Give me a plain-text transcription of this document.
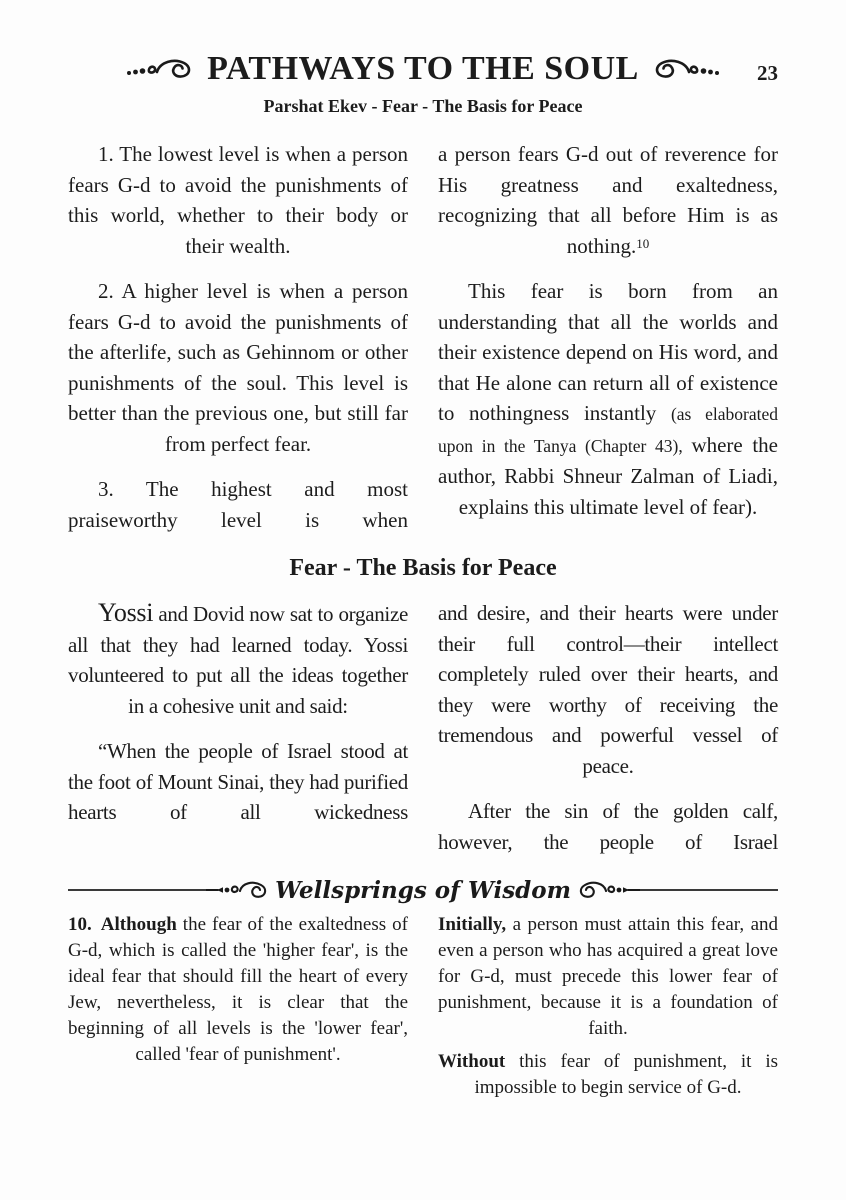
PATHWAYS TO THE SOUL	23
Parshat Ekev - Fear - The Basis for Peace

1. The lowest level is when a person fears G-d to avoid the punishments of this world, whether to their body or their wealth.

2. A higher level is when a person fears G-d to avoid the punishments of the afterlife, such as Gehinnom or other punishments of the soul. This level is better than the previous one, but still far from perfect fear.

3. The highest and most praiseworthy level is when

a person fears G-d out of reverence for His greatness and exaltedness, recognizing that all before Him is as nothing.$^{10}$

This fear is born from an understanding that all the worlds and their existence depend on His word, and that He alone can return all of existence to nothingness instantly (as elaborated upon in the Tanya (Chapter 43), where the author, Rabbi Shneur Zalman of Liadi, explains this ultimate level of fear).

Fear - The Basis for Peace

Yossi and Dovid now sat to organize all that they had learned today. Yossi volunteered to put all the ideas together in a cohesive unit and said:

“When the people of Israel stood at the foot of Mount Sinai, they had purified hearts of all wickedness

and desire, and their hearts were under their full control—their intellect completely ruled over their hearts, and they were worthy of receiving the tremendous and powerful vessel of peace.

After the sin of the golden calf, however, the people of Israel

Wellsprings of Wisdom

10. Although the fear of the exaltedness of G-d, which is called the 'higher fear', is the ideal fear that should fill the heart of every Jew, nevertheless, it is clear that the beginning of all levels is the 'lower fear', called 'fear of punishment'.

Initially, a person must attain this fear, and even a person who has acquired a great love for G-d, must precede this lower fear of punishment, because it is a foundation of faith.

Without this fear of punishment, it is impossible to begin service of G-d.
